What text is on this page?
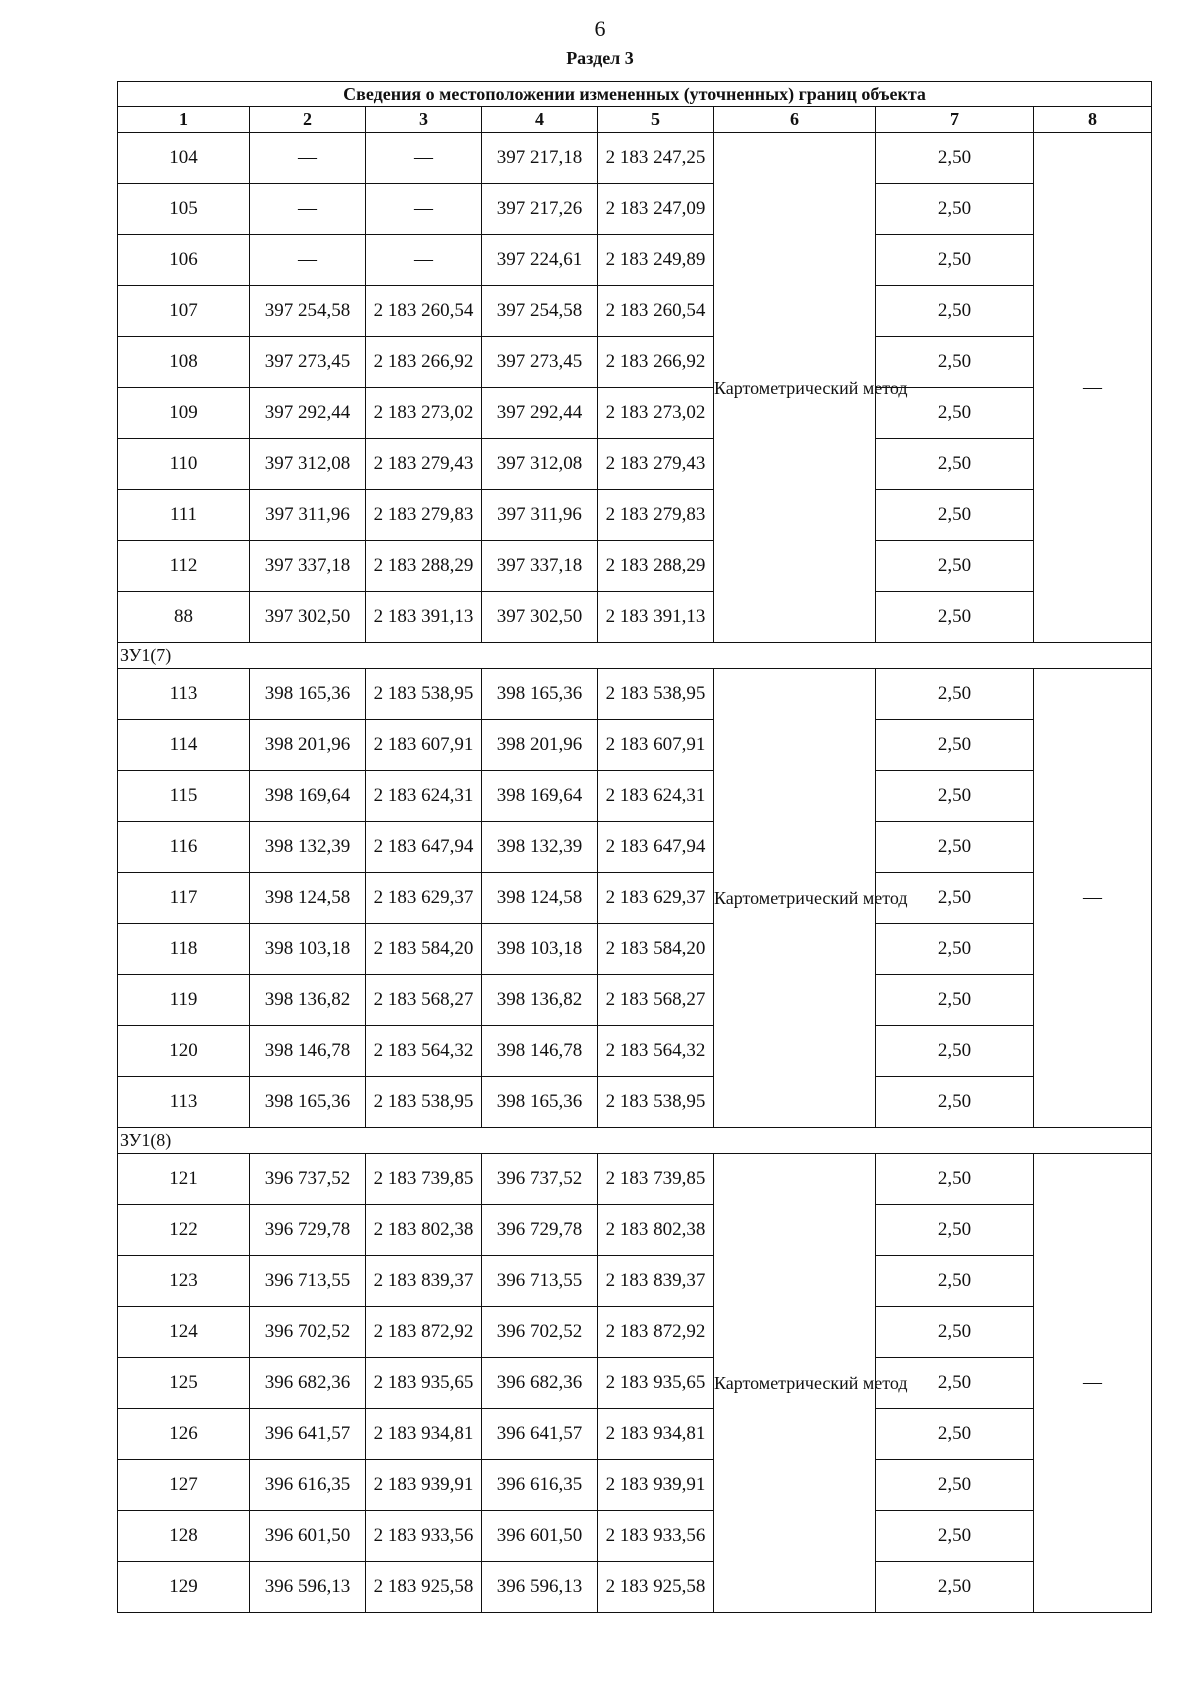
6
Раздел 3
Сведения о местоположении измененных (уточненных) границ объекта							
1	2	3	4	5	6	7	8
104	—	—	397 217,18	2 183 247,25	Картометрический метод	2,50	—
105	—	—	397 217,26	2 183 247,09		2,50	
106	—	—	397 224,61	2 183 249,89		2,50	
107	397 254,58	2 183 260,54	397 254,58	2 183 260,54		2,50	
108	397 273,45	2 183 266,92	397 273,45	2 183 266,92		2,50	
109	397 292,44	2 183 273,02	397 292,44	2 183 273,02		2,50	
110	397 312,08	2 183 279,43	397 312,08	2 183 279,43		2,50	
111	397 311,96	2 183 279,83	397 311,96	2 183 279,83		2,50	
112	397 337,18	2 183 288,29	397 337,18	2 183 288,29		2,50	
88	397 302,50	2 183 391,13	397 302,50	2 183 391,13		2,50	
ЗУ1(7)							
113	398 165,36	2 183 538,95	398 165,36	2 183 538,95	Картометрический метод	2,50	—
114	398 201,96	2 183 607,91	398 201,96	2 183 607,91		2,50	
115	398 169,64	2 183 624,31	398 169,64	2 183 624,31		2,50	
116	398 132,39	2 183 647,94	398 132,39	2 183 647,94		2,50	
117	398 124,58	2 183 629,37	398 124,58	2 183 629,37		2,50	
118	398 103,18	2 183 584,20	398 103,18	2 183 584,20		2,50	
119	398 136,82	2 183 568,27	398 136,82	2 183 568,27		2,50	
120	398 146,78	2 183 564,32	398 146,78	2 183 564,32		2,50	
113	398 165,36	2 183 538,95	398 165,36	2 183 538,95		2,50	
ЗУ1(8)							
121	396 737,52	2 183 739,85	396 737,52	2 183 739,85	Картометрический метод	2,50	—
122	396 729,78	2 183 802,38	396 729,78	2 183 802,38		2,50	
123	396 713,55	2 183 839,37	396 713,55	2 183 839,37		2,50	
124	396 702,52	2 183 872,92	396 702,52	2 183 872,92		2,50	
125	396 682,36	2 183 935,65	396 682,36	2 183 935,65		2,50	
126	396 641,57	2 183 934,81	396 641,57	2 183 934,81		2,50	
127	396 616,35	2 183 939,91	396 616,35	2 183 939,91		2,50	
128	396 601,50	2 183 933,56	396 601,50	2 183 933,56		2,50	
129	396 596,13	2 183 925,58	396 596,13	2 183 925,58		2,50	
